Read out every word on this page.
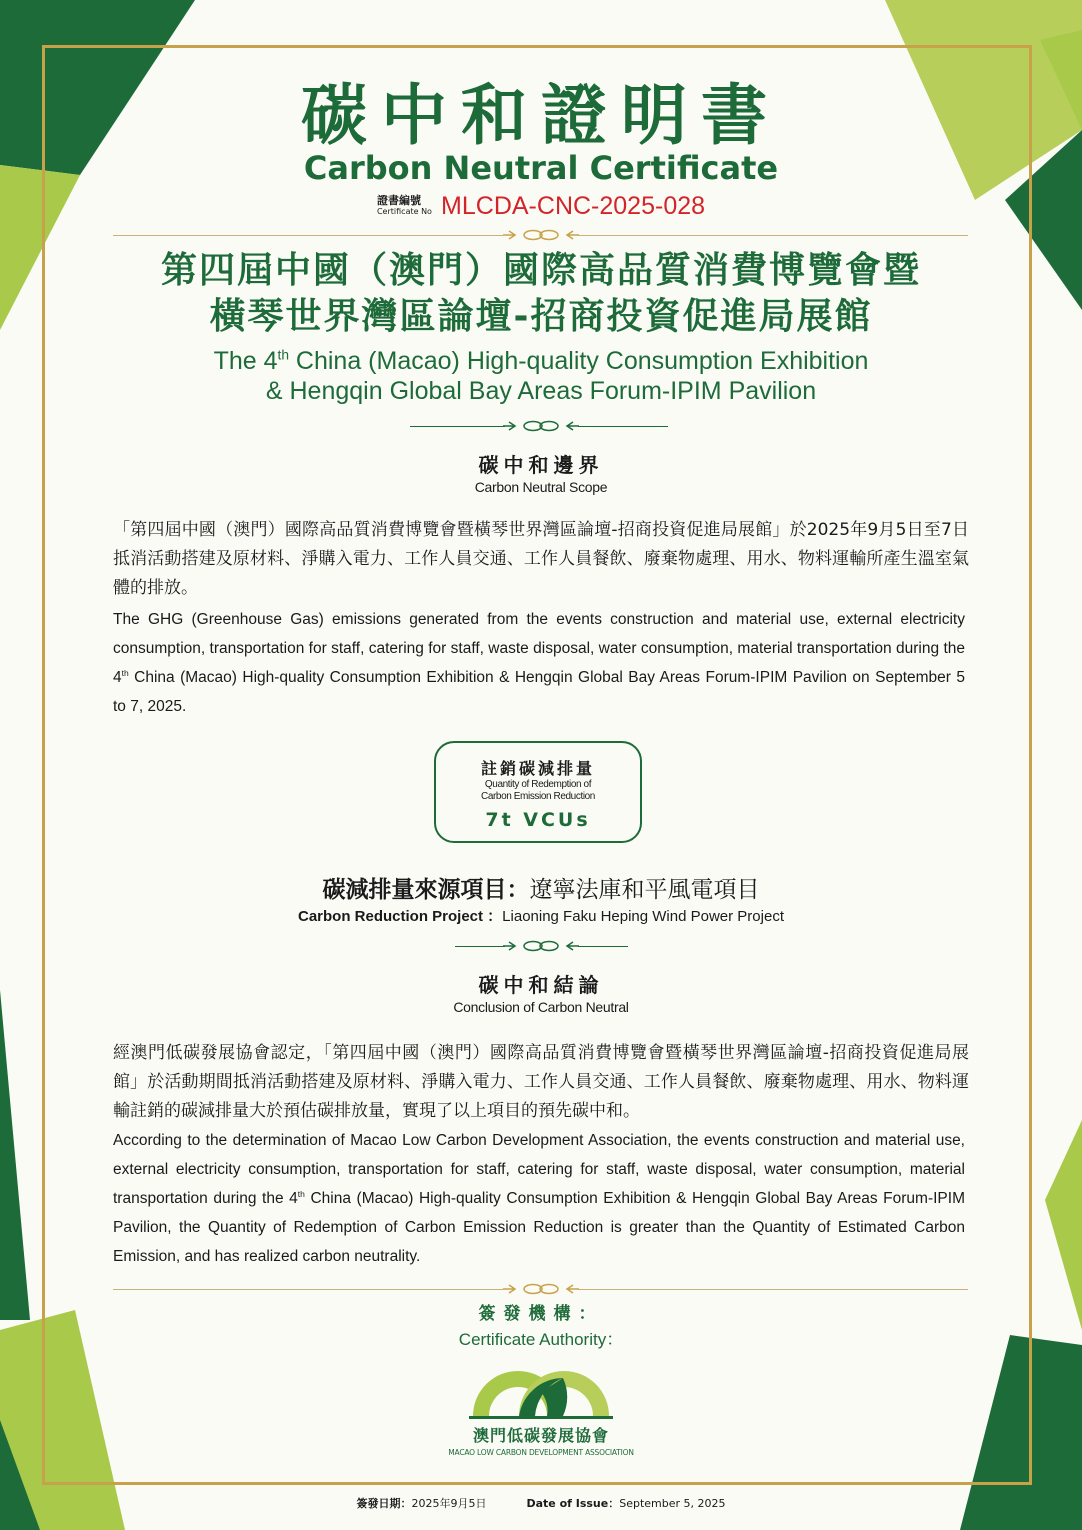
碳中和證明書
Carbon Neutral Certificate
證書編號
Certificate No MLCDA-CNC-2025-028
第四屆中國（澳門）國際高品質消費博覽會暨
橫琴世界灣區論壇-招商投資促進局展館
The 4th China (Macao) High-quality Consumption Exhibition
& Hengqin Global Bay Areas Forum-IPIM Pavilion
碳中和邊界
Carbon Neutral Scope
「第四屆中國（澳門）國際高品質消費博覽會暨橫琴世界灣區論壇-招商投資促進局展館」於2025年9月5日至7日抵消活動搭建及原材料、淨購入電力、工作人員交通、工作人員餐飲、廢棄物處理、用水、物料運輸所產生溫室氣體的排放。
The GHG (Greenhouse Gas) emissions generated from the events construction and material use, external electricity consumption, transportation for staff, catering for staff, waste disposal, water consumption, material transportation during the 4th China (Macao) High-quality Consumption Exhibition & Hengqin Global Bay Areas Forum-IPIM Pavilion on September 5 to 7, 2025.
註銷碳減排量
Quantity of Redemption of
Carbon Emission Reduction
7t VCUs
碳減排量來源項目：遼寧法庫和平風電項目
Carbon Reduction Project ：Liaoning Faku Heping Wind Power Project
碳中和結論
Conclusion of Carbon Neutral
經澳門低碳發展協會認定，「第四屆中國（澳門）國際高品質消費博覽會暨橫琴世界灣區論壇-招商投資促進局展館」於活動期間抵消活動搭建及原材料、淨購入電力、工作人員交通、工作人員餐飲、廢棄物處理、用水、物料運輸註銷的碳減排量大於預估碳排放量，實現了以上項目的預先碳中和。
According to the determination of Macao Low Carbon Development Association, the events construction and material use, external electricity consumption, transportation for staff, catering for staff, waste disposal, water consumption, material transportation during the 4th China (Macao) High-quality Consumption Exhibition & Hengqin Global Bay Areas Forum-IPIM Pavilion, the Quantity of Redemption of Carbon Emission Reduction is greater than the Quantity of Estimated Carbon Emission, and has realized carbon neutrality.
簽發機構：
Certificate Authority：
澳門低碳發展協會
MACAO LOW CARBON DEVELOPMENT ASSOCIATION
簽發日期：2025年9月5日	Date of Issue：September 5, 2025
